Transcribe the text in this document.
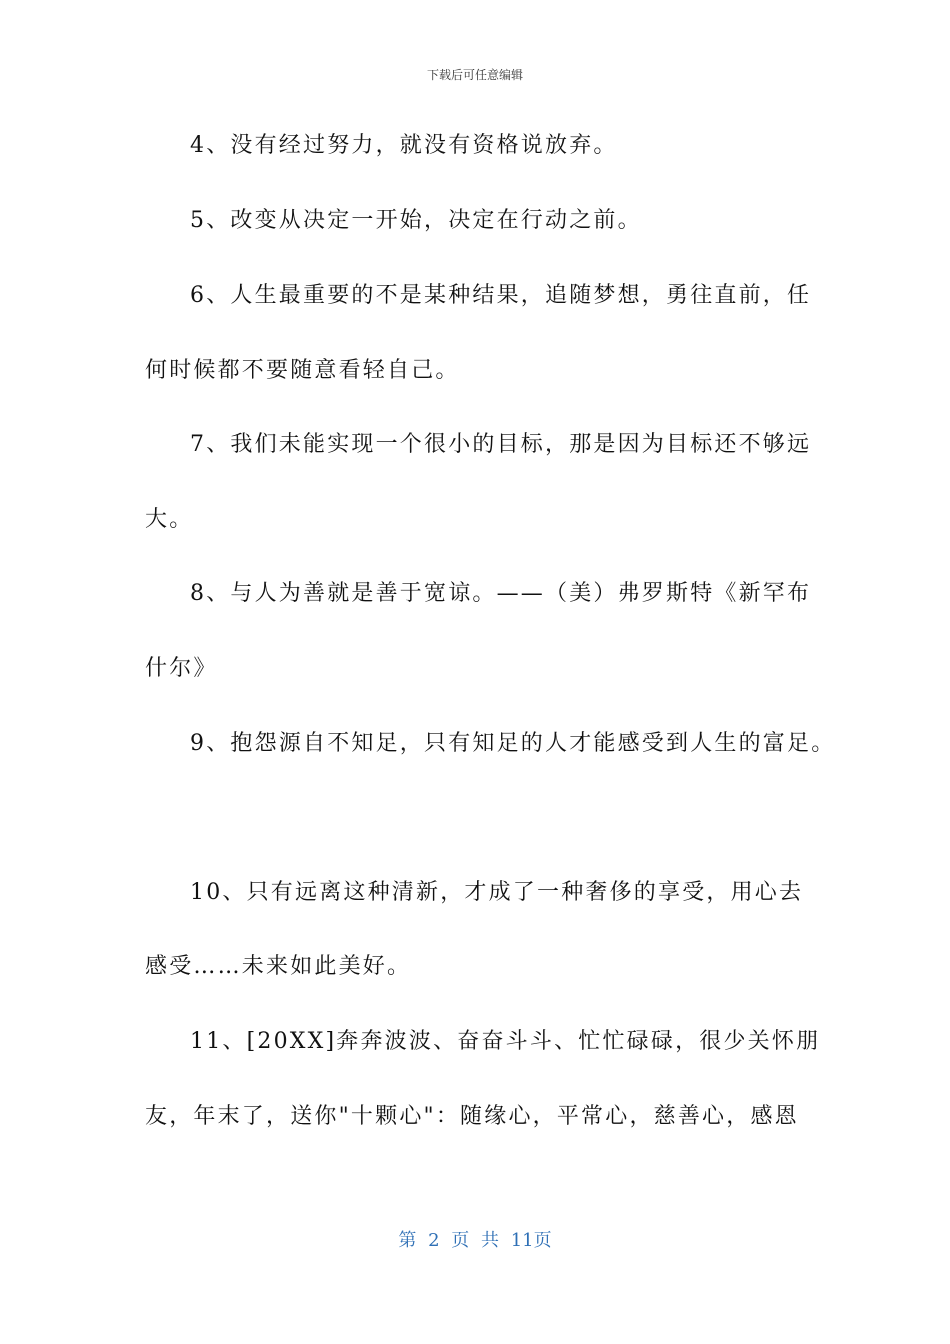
下载后可任意编辑
4、没有经过努力，就没有资格说放弃。
5、改变从决定一开始，决定在行动之前。
6、人生最重要的不是某种结果，追随梦想，勇往直前，任
何时候都不要随意看轻自己。
7、我们未能实现一个很小的目标，那是因为目标还不够远
大。
8、与人为善就是善于宽谅。——（美）弗罗斯特《新罕布
什尔》
9、抱怨源自不知足，只有知足的人才能感受到人生的富足。
10、只有远离这种清新，才成了一种奢侈的享受，用心去
感受……未来如此美好。
11、[20XX]奔奔波波、奋奋斗斗、忙忙碌碌，很少关怀朋
友，年末了，送你"十颗心"：随缘心，平常心，慈善心，感恩
第 2 页 共 11页
